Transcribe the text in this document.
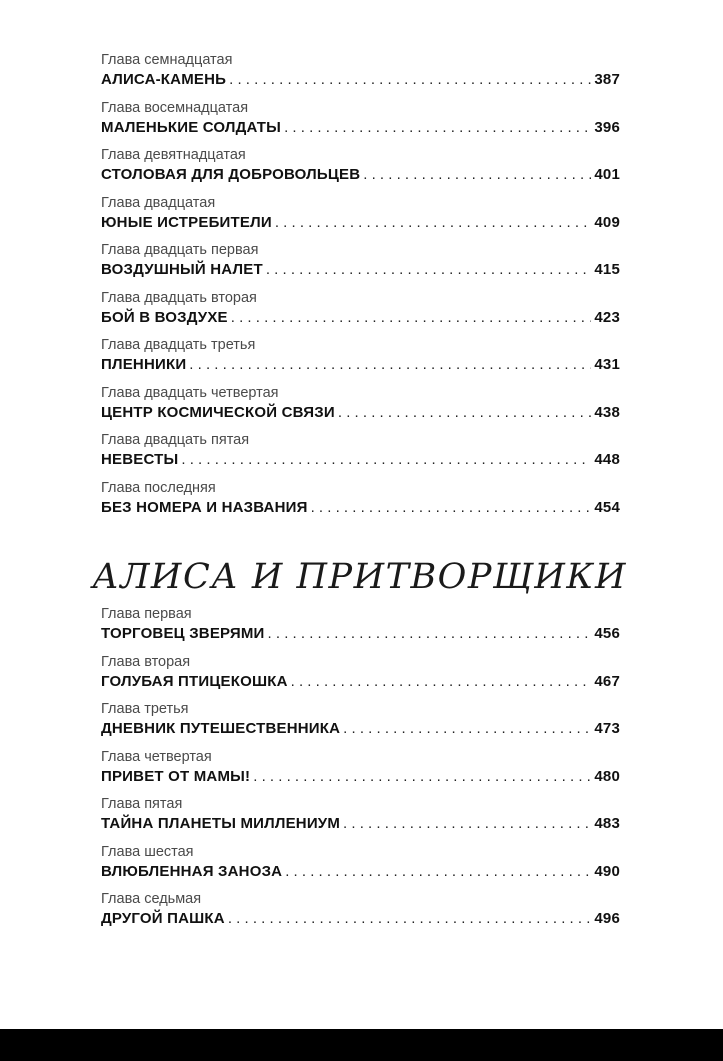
Глава семнадцатая
АЛИСА-КАМЕНЬ . . .	387
Глава восемнадцатая
МАЛЕНЬКИЕ СОЛДАТЫ . . .	396
Глава девятнадцатая
СТОЛОВАЯ ДЛЯ ДОБРОВОЛЬЦЕВ . . .	401
Глава двадцатая
ЮНЫЕ ИСТРЕБИТЕЛИ . . .	409
Глава двадцать первая
ВОЗДУШНЫЙ НАЛЕТ . . .	415
Глава двадцать вторая
БОЙ В ВОЗДУХЕ . . .	423
Глава двадцать третья
ПЛЕННИКИ . . .	431
Глава двадцать четвертая
ЦЕНТР КОСМИЧЕСКОЙ СВЯЗИ . . .	438
Глава двадцать пятая
НЕВЕСТЫ . . .	448
Глава последняя
БЕЗ НОМЕРА И НАЗВАНИЯ . . .	454
АЛИСА И ПРИТВОРЩИКИ
Глава первая
ТОРГОВЕЦ ЗВЕРЯМИ . . .	456
Глава вторая
ГОЛУБАЯ ПТИЦЕКОШКА . . .	467
Глава третья
ДНЕВНИК ПУТЕШЕСТВЕННИКА . . .	473
Глава четвертая
ПРИВЕТ ОТ МАМЫ! . . .	480
Глава пятая
ТАЙНА ПЛАНЕТЫ МИЛЛЕНИУМ . . .	483
Глава шестая
ВЛЮБЛЕННАЯ ЗАНОЗА . . .	490
Глава седьмая
ДРУГОЙ ПАШКА . . .	496
